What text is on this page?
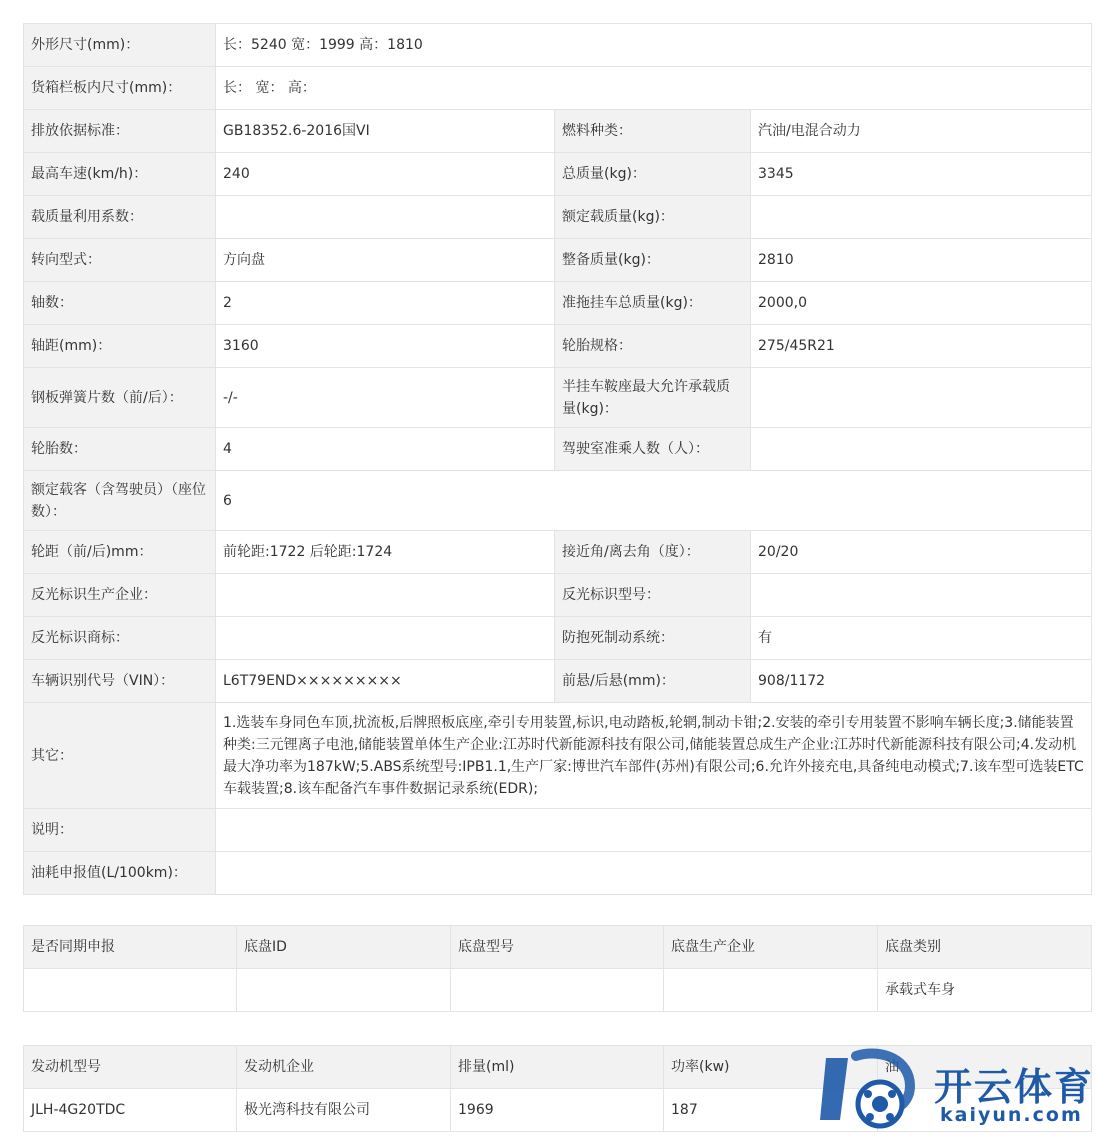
外形尺寸(mm)：	长：5240 宽：1999 高：1810		
货箱栏板内尺寸(mm)：	长： 宽： 高：		
排放依据标准：	GB18352.6-2016国VI	燃料种类：	汽油/电混合动力
最高车速(km/h)：	240	总质量(kg)：	3345
载质量利用系数：		额定载质量(kg)：	
转向型式：	方向盘	整备质量(kg)：	2810
轴数：	2	准拖挂车总质量(kg)：	2000,0
轴距(mm)：	3160	轮胎规格：	275/45R21
钢板弹簧片数（前/后）：	-/-	半挂车鞍座最大允许承载质量(kg)：	
轮胎数：	4	驾驶室准乘人数（人）：	
额定载客（含驾驶员）（座位数）：	6		
轮距（前/后)mm：	前轮距:1722 后轮距:1724	接近角/离去角（度）：	20/20
反光标识生产企业：		反光标识型号：	
反光标识商标：		防抱死制动系统：	有
车辆识别代号（VIN）：	L6T79END×××××××××	前悬/后悬(mm)：	908/1172
其它：	1.选装车身同色车顶,扰流板,后牌照板底座,牵引专用装置,标识,电动踏板,轮辋,制动卡钳;2.安装的牵引专用装置不影响车辆长度;3.储能装置种类:三元锂离子电池,储能装置单体生产企业:江苏时代新能源科技有限公司,储能装置总成生产企业:江苏时代新能源科技有限公司;4.发动机最大净功率为187kW;5.ABS系统型号:IPB1.1,生产厂家:博世汽车部件(苏州)有限公司;6.允许外接充电,具备纯电动模式;7.该车型可选装ETC车载装置;8.该车配备汽车事件数据记录系统(EDR);		
说明：			
油耗申报值(L/100km)：			
是否同期申报	底盘ID	底盘型号	底盘生产企业	底盘类别
				承载式车身
发动机型号	发动机企业	排量(ml)	功率(kw)	油
JLH-4G20TDC	极光湾科技有限公司	1969	187	
开云体育
kaiyun.com
